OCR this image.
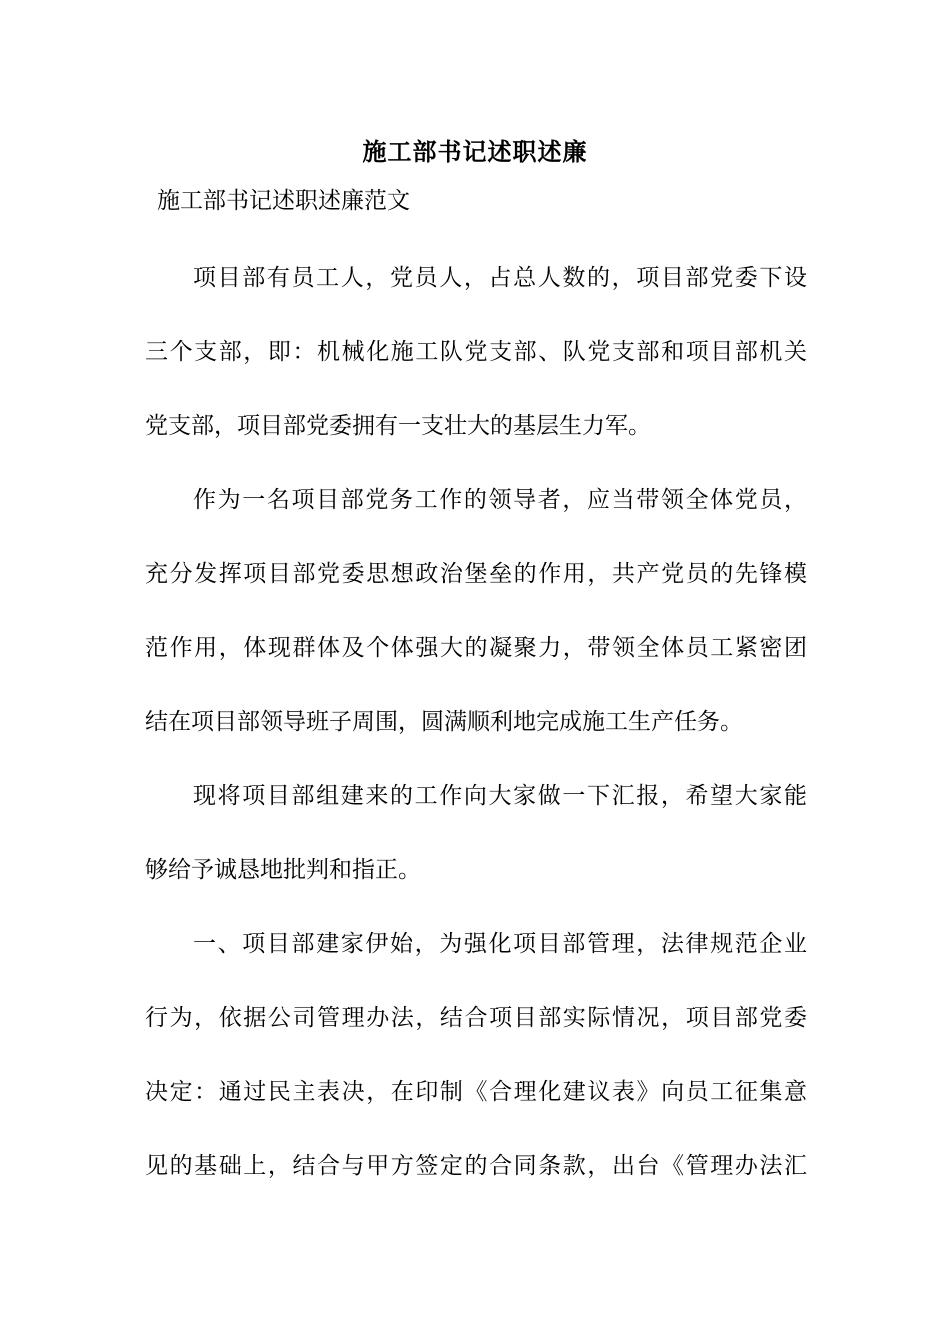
施工部书记述职述廉
施工部书记述职述廉范文
项目部有员工人，党员人，占总人数的，项目部党委下设
三个支部，即：机械化施工队党支部、队党支部和项目部机关
党支部，项目部党委拥有一支壮大的基层生力军。
作为一名项目部党务工作的领导者，应当带领全体党员，
充分发挥项目部党委思想政治堡垒的作用，共产党员的先锋模
范作用，体现群体及个体强大的凝聚力，带领全体员工紧密团
结在项目部领导班子周围，圆满顺利地完成施工生产任务。
现将项目部组建来的工作向大家做一下汇报，希望大家能
够给予诚恳地批判和指正。
一、项目部建家伊始，为强化项目部管理，法律规范企业
行为，依据公司管理办法，结合项目部实际情况，项目部党委
决定：通过民主表决，在印制《合理化建议表》向员工征集意
见的基础上，结合与甲方签定的合同条款，出台《管理办法汇
